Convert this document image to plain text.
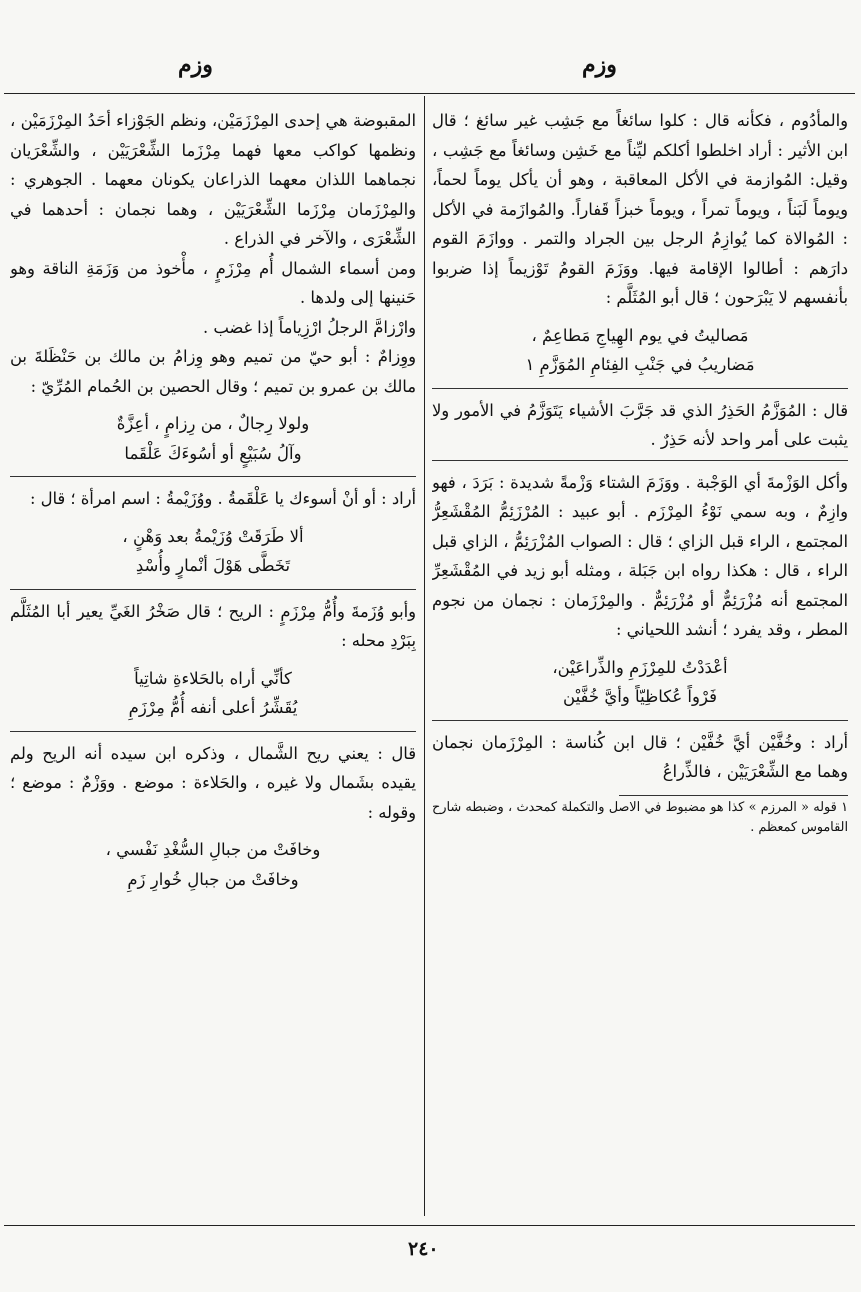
وزم
وزم

والمأدُوم ، فكأنه قال : كلوا سائغاً مع جَشِب غير سائغ ؛ قال ابن الأثير : أراد اخلطوا أكلكم ليِّناً مع خَشِن وسائغاً مع جَشِب ، وقيل: المُوازمة في الأكل المعاقبة ، وهو أن يأكل يوماً لحماً، ويوماً لَبَناً ، ويوماً تمراً ، ويوماً خبزاً قَفاراً. والمُوازَمة في الأكل : المُوالاة كما يُوازِمُ الرجل بين الجراد والتمر . ووازَمَ القوم دارَهم : أطالوا الإقامة فيها. ووَزَمَ القومُ تَوْزيماً إذا ضربوا بأنفسهم لا يَبْرَحون ؛ قال أبو المُثَلَّم :

مَصاليتُ في يوم الهِياجِ مَطاعِمٌ ،
مَضاريبُ في جَنْبِ الفِئامِ المُوَزَّمِ ١

قال : المُوَزَّمُ الحَذِرُ الذي قد جَرَّبَ الأشياء يَتَوَزَّمُ في الأمور ولا يثبت على أمر واحد لأنه حَذِرٌ .

وأكل الوَزْمةَ أي الوَجْبة . ووَزَمَ الشتاء وَزْمةً شديدة : بَرَدَ ، فهو وازِمٌ ، وبه سمي نَوْءُ المِرْزَم . أبو عبيد : المُرْزَئِمُّ المُقْشَعِرُّ المجتمع ، الراء قبل الزاي ؛ قال : الصواب المُزْرَئِمُّ ، الزاي قبل الراء ، قال : هكذا رواه ابن جَبَلة ، ومثله أبو زيد في المُقْشَعِرِّ المجتمع أنه مُزْرَئِمٌّ أو مُزْرَئِمٌّ . والمِرْزَمان : نجمان من نجوم المطر ، وقد يفرد ؛ أنشد اللحياني :

أعْدَدْتُ للمِرْزَمِ والذِّراعَيْن،
فَرْواً عُكاظِيّاً وأيَّ خُفَّيْن

أراد : وخُفَّيْن أيَّ خُفَّيْن ؛ قال ابن كُناسة : المِرْزَمان نجمان وهما مع الشِّعْرَيَيْن ، فالذِّراعُ

١ قوله « المرزم » كذا هو مضبوط في الاصل والتكملة كمحدث ، وضبطه شارح القاموس كمعظم .

المقبوضة هي إحدى المِرْزَمَيْن، ونظم الجَوْزاء أحَدُ المِرْزَمَيْن ، ونظمها كواكب معها فهما مِرْزَما الشِّعْرَيَيْن ، والشِّعْرَيان نجماهما اللذان معهما الذراعان يكونان معهما . الجوهري : والمِرْزَمان مِرْزَما الشِّعْرَيَيْن ، وهما نجمان : أحدهما في الشِّعْرَى ، والآخر في الذراع .

ومن أسماء الشمال أُم مِرْزَمٍ ، مأْخوذ من وَزَمَةِ الناقة وهو حَنينها إلى ولدها .

وارْزامَّ الرجلُ ارْزِياماً إذا غضب .

ووِزامٌ : أبو حيّ من تميم وهو وِزامُ بن مالك بن حَنْظَلةَ بن مالك بن عمرو بن تميم ؛ وقال الحصين بن الحُمام المُرِّيّ :

ولولا رِجالٌ ، من رِزامٍ ، أعِزَّةٌ
وآلُ سُبَيْعٍ أو أسُوءَكَ عَلْقَما

أراد : أو أنْ أسوءك يا عَلْقَمةُ . ووُزَيْمةُ : اسم امرأة ؛ قال :

ألا طَرَقَتْ وُزَيْمةُ بعد وَهْنٍ ،
تَخَطَّى هَوْلَ أنْمارٍ وأُسْدِ

وأبو وُزَمةَ وأُمُّ مِرْزَمٍ : الريح ؛ قال صَخْرُ الغَيِّ يعير أبا المُثَلَّم بِبَرْدِ محله :

كأنِّي أراه بالحَلاءةِ شاتِياً
يُقَشِّرُ أعلى أنفه أُمُّ مِرْزَمِ

قال : يعني ريح الشَّمال ، وذكره ابن سيده أنه الريح ولم يقيده بشَمال ولا غيره ، والحَلاءة : موضع . ووَزْمٌ : موضع ؛ وقوله :

وخافَتْ من جبالِ السُّغْدِ نَفْسي ،
وخافَتْ من جبالِ خُوارِ زَمِ
٢٤٠
